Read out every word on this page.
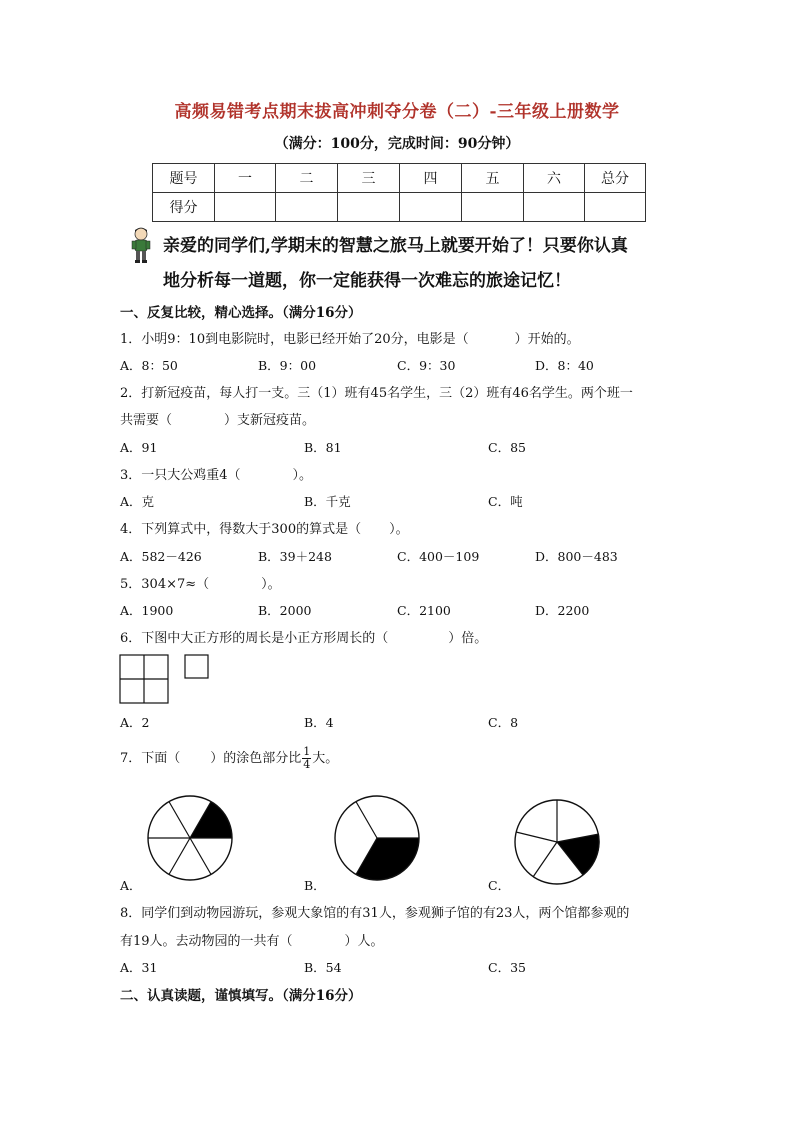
高频易错考点期末拔高冲刺夺分卷（二）-三年级上册数学
（满分：100分，完成时间：90分钟）
题号	一	二	三	四	五	六	总分
得分							
亲爱的同学们,学期末的智慧之旅马上就要开始了！只要你认真
地分析每一道题，你一定能获得一次难忘的旅途记忆！
一、反复比较，精心选择。（满分16分）
1．小明9：10到电影院时，电影已经开始了20分，电影是（	）开始的。
A．8：50	B．9：00	C．9：30	D．8：40
2．打新冠疫苗，每人打一支。三（1）班有45名学生，三（2）班有46名学生。两个班一
共需要（	）支新冠疫苗。
A．91	B．81	C．85
3．一只大公鸡重4（	）。
A．克	B．千克	C．吨
4．下列算式中，得数大于300的算式是（ ）。
A．582－426	B．39＋248	C．400－109	D．800－483
5．304×7≈（	）。
A．1900	B．2000	C．2100	D．2200
6．下图中大正方形的周长是小正方形周长的（	）倍。
A．2	B．4	C．8
7．下面（ ）的涂色部分比 $\frac{1}{4}$ 大。
A．	B．	C．
8．同学们到动物园游玩，参观大象馆的有31人，参观狮子馆的有23人，两个馆都参观的
有19人。去动物园的一共有（	）人。
A．31	B．54	C．35
二、认真读题，谨慎填写。（满分16分）
